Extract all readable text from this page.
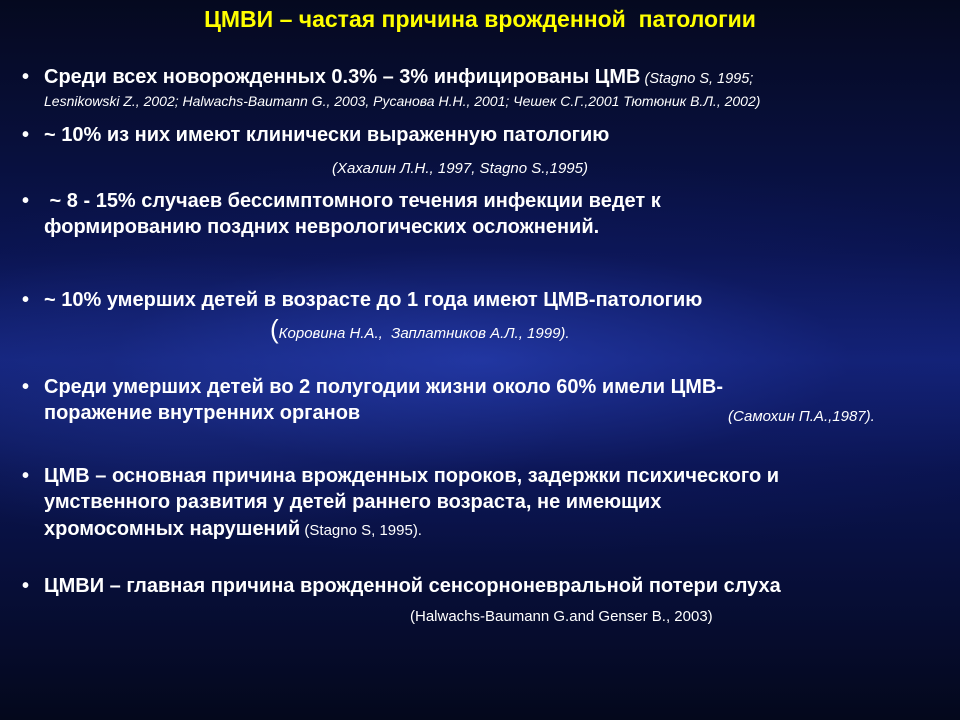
ЦМВИ – частая причина врожденной  патологии
• Среди всех новорожденных 0.3% – 3% инфицированы ЦМВ (Stagno S, 1995;
Lesnikowski Z., 2002; Halwachs-Baumann G., 2003, Русанова Н.Н., 2001; Чешек С.Г.,2001 Тютюник В.Л., 2002)
• ~ 10% из них имеют клинически выраженную патологию
(Хахалин Л.Н., 1997, Stagno S.,1995)
• ~ 8 - 15% случаев бессимптомного течения инфекции ведет к
формированию поздних неврологических осложнений.
• ~ 10% умерших детей в возрасте до 1 года имеют ЦМВ-патологию
(Коровина Н.А.,  Заплатников А.Л., 1999).
• Среди умерших детей во 2 полугодии жизни около 60% имели ЦМВ-
поражение внутренних органов	(Самохин П.А.,1987).
• ЦМВ – основная причина врожденных пороков, задержки психического и
умственного развития у детей раннего возраста, не имеющих
хромосомных нарушений (Stagno S, 1995).
• ЦМВИ – главная причина врожденной сенсорноневральной потери слуха
(Halwachs-Baumann G.and Genser B., 2003)
